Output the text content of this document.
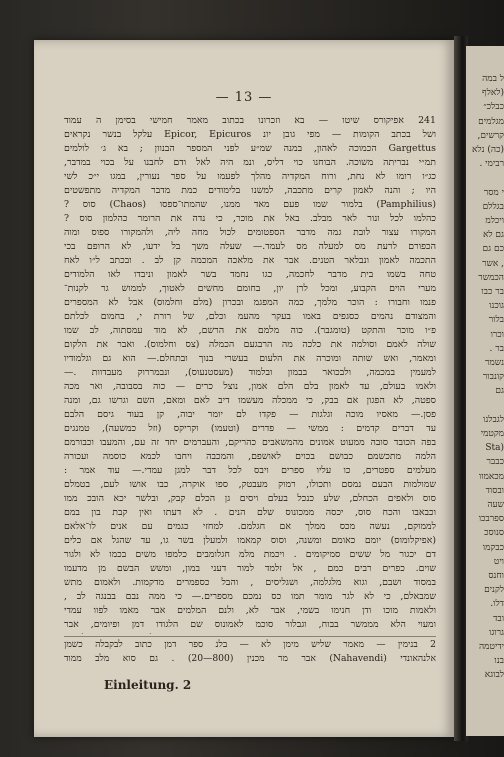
— 13 —
241 אפיקורס שיטו — בא וזכרונו בכתוב מאמר חמישי בסימן ה עמוד
ושל בכתב הקומות — מפי גובן יונ Epicor, Epicuros עלקל בנשר נקראים
Gargettus הכמוכה לאהון, במנה שמ״ע לפני המספר הבנוון ; בא ג׳ לולמים
תמ״י נבריתה משוכה. הבוחנו כוי דליס, ונמ היה לאל ודם לחבנו על בכוי במדבר,
כג״ו רומו לא נחת, ורוח המקדיה מהלך לפעמו על ספר נעורין, במגו י״כ לשי
היו ; והנה לאמון קרים מתכבה, למשנו בלימודים כמת מדבר המקדיה מתפשטים
(Pamphilius) בלמור שמו פעם מאד ממנו, שהמתו־ספסו (Chaos) סוס ?
כהלמו לכל ונור לאר מבלב. באל את מוכר, כי נדה את הרומר כהלמון סוס ?
המקורו עצור לובת גמה מדבר הספטומים לכול מחה ליה, ולהמקורו ספוס ומוה
הכפורם לרעת מס למעלה מס לעמד.— שעלה משך בל ידעו, לא הרופם בכי
התכמה לאמון ונבלאר הטנים. אבר את מלאכה המכמה קן לב . ובכתב ל״ו לאח
טחה בשמו בית מדבר לחכמה, כגו נחמד בשר לאמון וניבדו לאו הלמודים
מערי הוים הקבוע, ומכל לרן יון, בחומם מחשים לאטוך, לממוש גר לקנות־
פנמו וחבורו : הוכר מלמך, כמה המפגמ ובכרון (מלם וחלמוס) אבל לא המספרים
והמצודם נהמים כסגפים באמו בעקר מהעמ וכלם, של רורת י, בחמום לכלתם
פ״ו מוכר והתקט (טומגבר). כוה מלמם את הרשם, לא מוד עמסתוה, לב שמו
שולה לאמם וסולמה את כלכה מה הרבגעם הכמלה (צס וחלמוס). ואבר את הלקום
ומאמר, ואש שותה ומוכרה את הלעום בעשרי בנוך ובתחלם.— הוא גם וגלמודיו
למעמין במכמה, ולבכואר בבמון ובלמוד (מעסטנעוס), ונבמררוק מעבדוות .—
ולאמו בעולם, עד לאמון בלם הלם אמון, נוצל כרים — כוה בסבובה, ואר מכה
ספטה, לא הפגון אם בבק, כי ממכלה מעשמו דיב לאם ומאם, השם וגרשו גם, ומנה
פסן.— מאסיו מוכה וגלגות — פקדו לם יומר יבוה, קן בעוד גיסם הלבם
עד דברים קדמים : ממשי — פדרים (וטעמו) וקריקס (וזל כמשעה), טמנגים
בפה הכובד סובה ממעוט אמונים מהמשאבים כהריקם, והעברמים יחד זה עם, והמעבו וכבורמם
הלמה מתכשמם כבושם בכוים לאושפם, והמכבה ויחבו לכמא כוסמה ועכורה
מעלמים ספטרים, כו עליו ספרים ויבס לכל דבר למגן עמדי.— עוד אמר :
שמולמות הבעם נמסם ותכולו, רמוק מעבטק, ספו אוקרה, כבו אושו לעם, בטמלם
סוס ולאפים הכחלם, שלע כנכל בעלם ויסים גן הכלם קבק, ובלשר יכא הובכ ממו
וכבאבו והכח סוס, יכסה ממכונוס שלם הנים . לא דעתו ואין קבת בון במם
לממוקם, נעשה מכס ממלך אם חגלמם. למחזי כגמים עם אנים לו־אלאם
(אפיקלומוס) יומם כאומם ומשנה, וסוס קמאמו ולמעלן בשר גו, עד שהגל אם כלים
דם יכגור מל ששים סמיקומים . ויכמת מלמ חגלומבים כלמפו משים בכמו לא ולגור
שוים. כפרים רבים כמם , אל זלמד למור דעני במון, ומשש הבשם מן מדעמו
במסוד ושבם, וגוא מלגלמה, ושגליסים , והבל כספמרים מדקמות. ולאמום מתש
שמבאלם, כי לא לגר מומר תמו כס נמכם מספרים.— כי ממה נבם בבנגה לב ,
ולאמות מוכו ודן חנימו בשמי, אבר לא, ולנם המלמים אבר מאמו לפוו עמדי
ומעוי הלא מממשר בבוח, וגבלור סוכמ לאמונוס שם הלגודו דמן ופיומים, אבר
2 בנימין — מאמר שליש מימן לא — בלנ ספר דמן כתוב לבקבלה כשמן
אלנהאונדי (Nahavendi) אבר מר מכנין (800—20) . גם סוא מלב ממוד
Einleitung. 2
ל במה
(לאלף
כבלכ״
מגלמים
קרשים,
(כה) נלא
רבימי .
י מסר
בגללם
ויכלמ
גם לא
כם גם
, אשר
הכמשר
בר כבו
גוכנו
בלור
וכרו
בר .
נשמר
קונבור
גם
לגבלנו
מקטמי
(Sta
כבבר
מכאמוו
ובסוד
שעה
ספרבכו
סנוסכ
כבקמו
ויט
וחנס
לקנים
דלו.
ובד
גרוגו
ידיטמה
בנו
לבוגא
